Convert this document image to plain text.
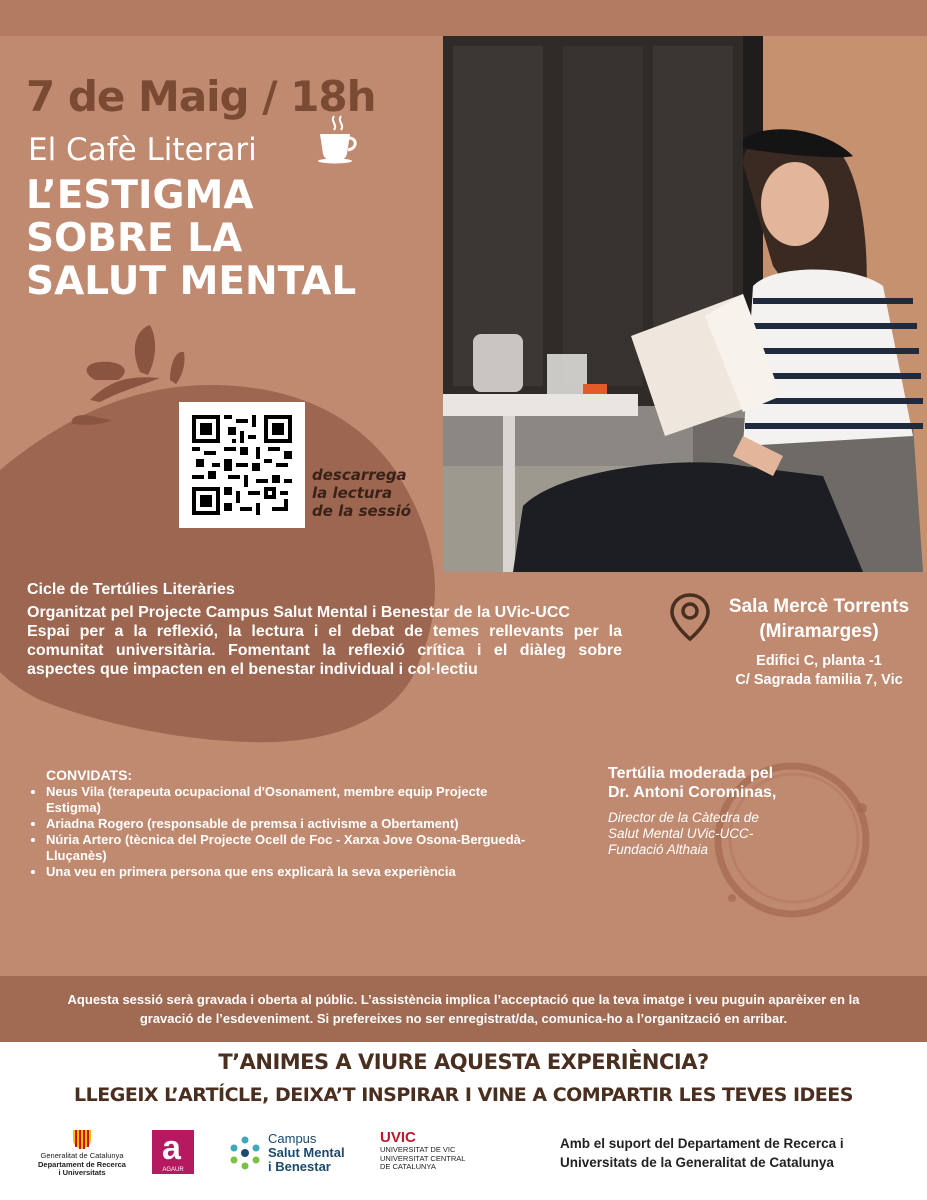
7 de Maig / 18h
El Cafè Literari
L’ESTIGMA
SOBRE LA
SALUT MENTAL
descarrega
la lectura
de la sessió
Cicle de Tertúlies Literàries
Organitzat pel Projecte Campus Salut Mental i Benestar de la UVic-UCC
Espai per a la reflexió, la lectura i el debat de temes rellevants per la comunitat universitària. Fomentant la reflexió crítica i el diàleg sobre aspectes que impacten en el benestar individual i col·lectiu
Sala Mercè Torrents
(Miramarges)
Edifici C, planta -1
C/ Sagrada familia 7, Vic
CONVIDATS:
• Neus Vila (terapeuta ocupacional d'Osonament, membre equip Projecte Estigma)
• Ariadna Rogero (responsable de premsa i activisme a Obertament)
• Núria Artero (tècnica del Projecte Ocell de Foc - Xarxa Jove Osona-Berguedà- Lluçanès)
• Una veu en primera persona que ens explicarà la seva experiència
Tertúlia moderada pel
Dr. Antoni Corominas,
Director de la Càtedra de
Salut Mental UVic-UCC-
Fundació Althaia
Aquesta sessió serà gravada i oberta al públic. L’assistència implica l’acceptació que la teva imatge i veu puguin aparèixer en la gravació de l’esdeveniment. Si prefereixes no ser enregistrat/da, comunica-ho a l’organització en arribar.
T’ANIMES A VIURE AQUESTA EXPERIÈNCIA?
LLEGEIX L’ARTÍCLE, DEIXA’T INSPIRAR I VINE A COMPARTIR LES TEVES IDEES
Generalitat de Catalunya
Departament de Recerca
i Universitats
a
AGAUR
Campus
Salut Mental
i Benestar
UVIC
UNIVERSITAT DE VIC
UNIVERSITAT CENTRAL
DE CATALUNYA
Amb el suport del Departament de Recerca i
Universitats de la Generalitat de Catalunya
